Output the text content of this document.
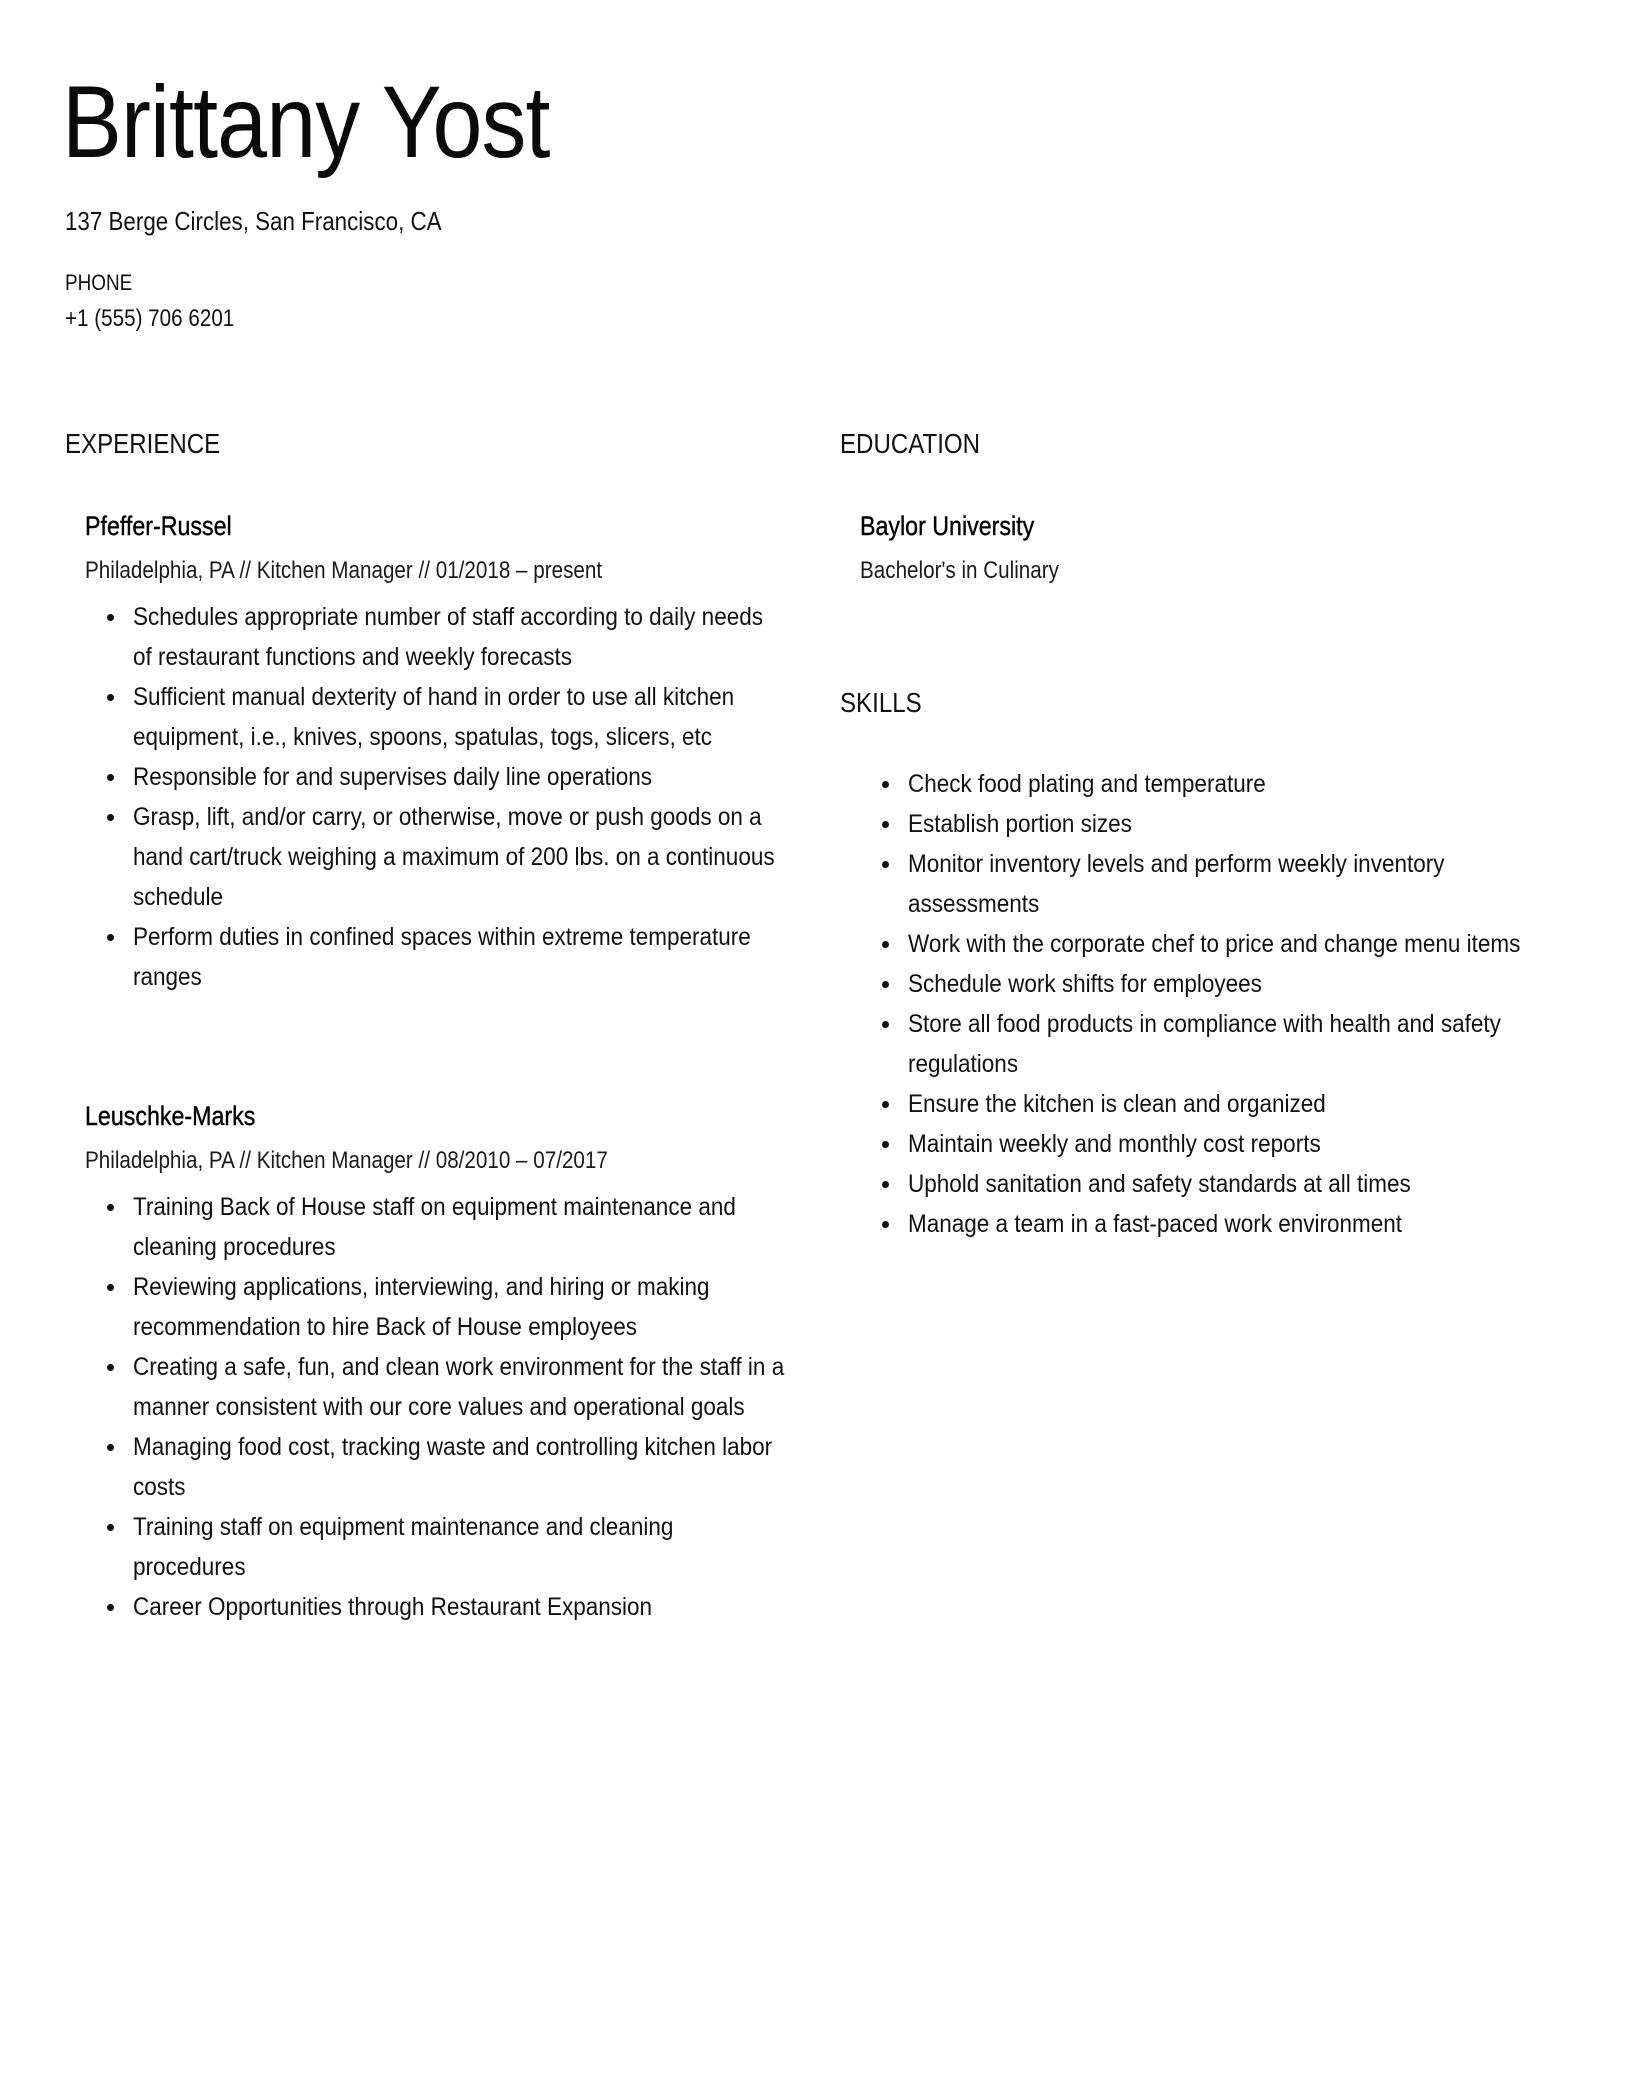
Brittany Yost
137 Berge Circles, San Francisco, CA
PHONE
+1 (555) 706 6201
EXPERIENCE
Pfeffer-Russel
Philadelphia, PA // Kitchen Manager // 01/2018 – present
Schedules appropriate number of staff according to daily needs of restaurant functions and weekly forecasts
Sufficient manual dexterity of hand in order to use all kitchen equipment, i.e., knives, spoons, spatulas, togs, slicers, etc
Responsible for and supervises daily line operations
Grasp, lift, and/or carry, or otherwise, move or push goods on a hand cart/truck weighing a maximum of 200 lbs. on a continuous schedule
Perform duties in confined spaces within extreme temperature ranges
Leuschke-Marks
Philadelphia, PA // Kitchen Manager // 08/2010 – 07/2017
Training Back of House staff on equipment maintenance and cleaning procedures
Reviewing applications, interviewing, and hiring or making recommendation to hire Back of House employees
Creating a safe, fun, and clean work environment for the staff in a manner consistent with our core values and operational goals
Managing food cost, tracking waste and controlling kitchen labor costs
Training staff on equipment maintenance and cleaning procedures
Career Opportunities through Restaurant Expansion
EDUCATION
Baylor University
Bachelor's in Culinary
SKILLS
Check food plating and temperature
Establish portion sizes
Monitor inventory levels and perform weekly inventory assessments
Work with the corporate chef to price and change menu items
Schedule work shifts for employees
Store all food products in compliance with health and safety regulations
Ensure the kitchen is clean and organized
Maintain weekly and monthly cost reports
Uphold sanitation and safety standards at all times
Manage a team in a fast-paced work environment
